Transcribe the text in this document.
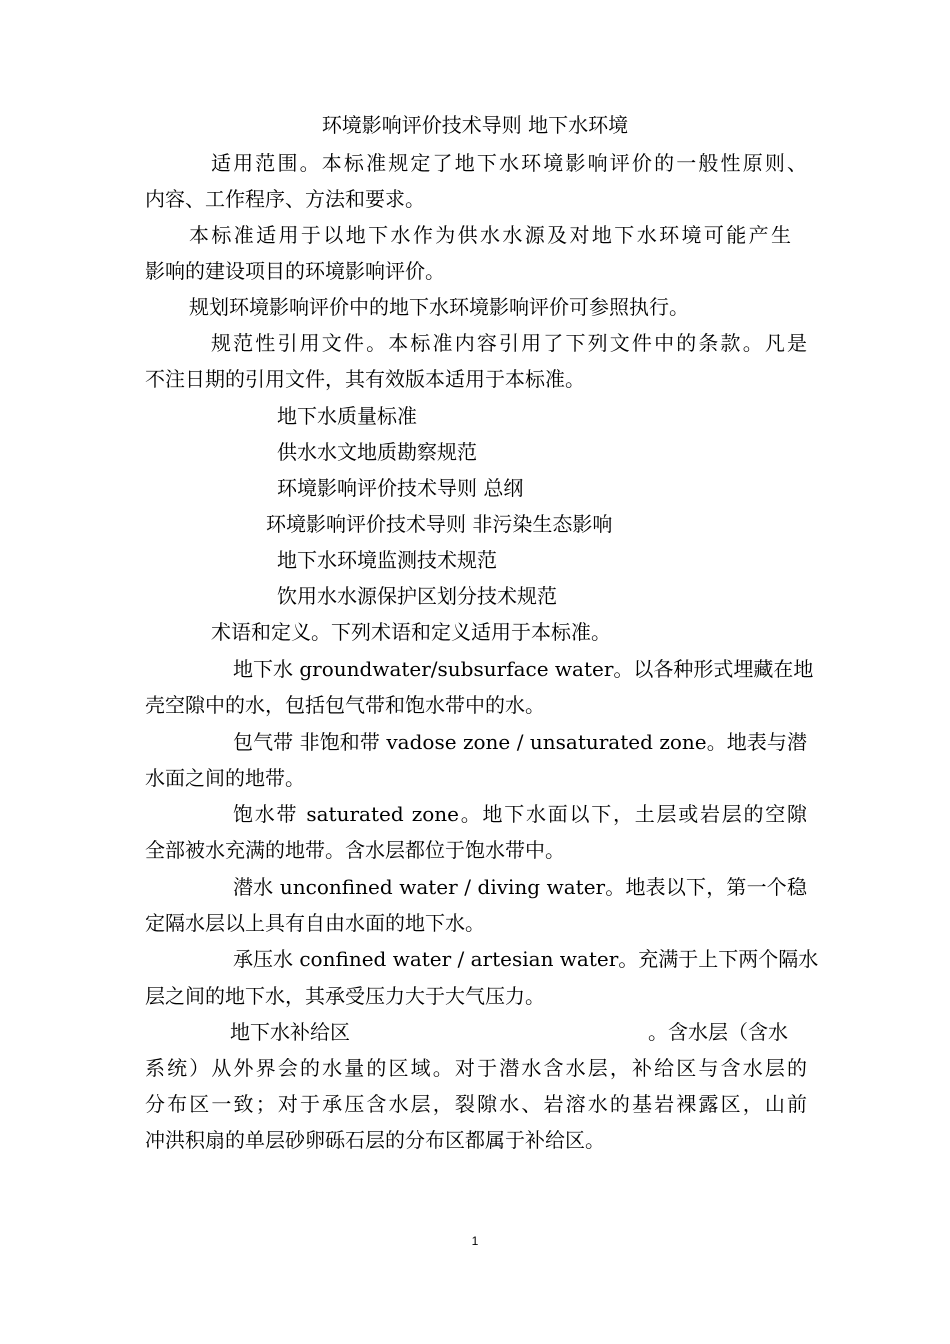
环境影响评价技术导则 地下水环境
适用范围。本标准规定了地下水环境影响评价的一般性原则、
内容、工作程序、方法和要求。
本标准适用于以地下水作为供水水源及对地下水环境可能产生
影响的建设项目的环境影响评价。
规划环境影响评价中的地下水环境影响评价可参照执行。
规范性引用文件。本标准内容引用了下列文件中的条款。凡是
不注日期的引用文件，其有效版本适用于本标准。
地下水质量标准
供水水文地质勘察规范
环境影响评价技术导则 总纲
环境影响评价技术导则 非污染生态影响
地下水环境监测技术规范
饮用水水源保护区划分技术规范
术语和定义。下列术语和定义适用于本标准。
地下水 groundwater/subsurface water。以各种形式埋藏在地
壳空隙中的水，包括包气带和饱水带中的水。
包气带 非饱和带 vadose zone / unsaturated zone。地表与潜
水面之间的地带。
饱水带 saturated zone。地下水面以下，土层或岩层的空隙
全部被水充满的地带。含水层都位于饱水带中。
潜水 unconfined water / diving water。地表以下，第一个稳
定隔水层以上具有自由水面的地下水。
承压水 confined water / artesian water。充满于上下两个隔水
层之间的地下水，其承受压力大于大气压力。
地下水补给区	。含水层（含水
系统）从外界会的水量的区域。对于潜水含水层，补给区与含水层的
分布区一致；对于承压含水层，裂隙水、岩溶水的基岩裸露区，山前
冲洪积扇的单层砂卵砾石层的分布区都属于补给区。
1
